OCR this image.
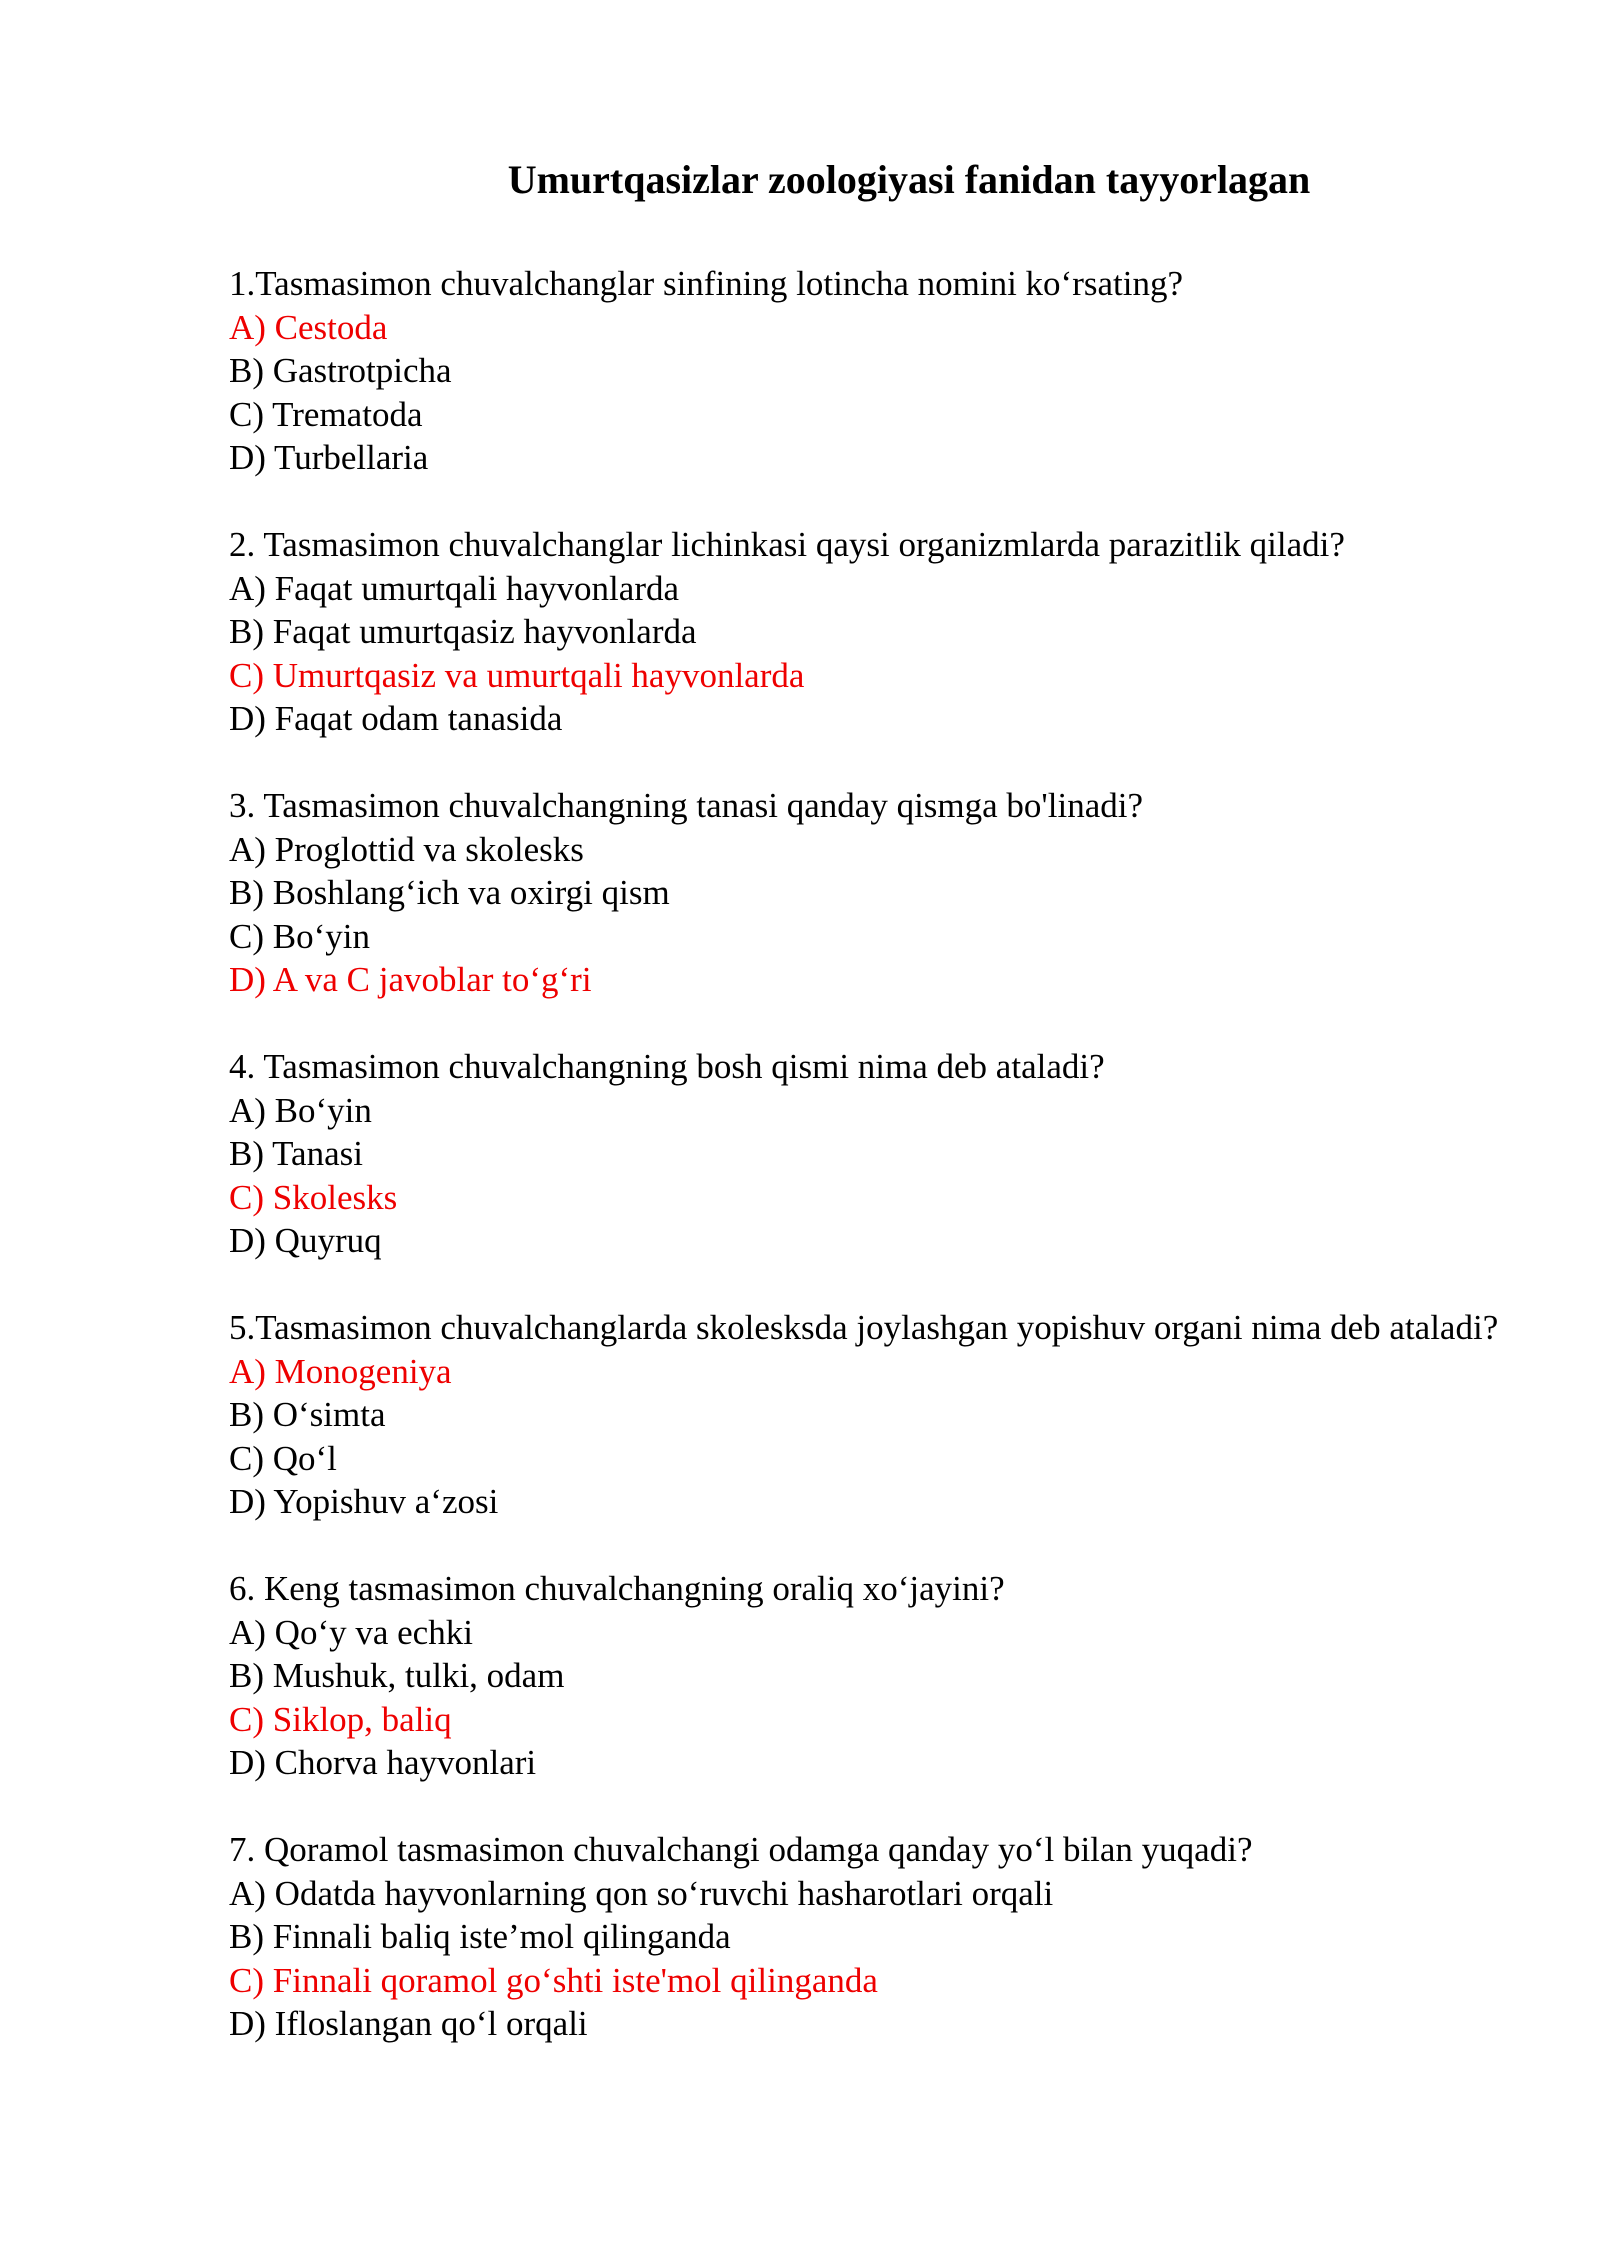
Umurtqasizlar zoologiyasi fanidan tayyorlagan

1.Tasmasimon chuvalchanglar sinfining lotincha nomini ko‘rsating?

A) Cestoda

B) Gastrotpicha

C) Trematoda

D) Turbellaria

2. Tasmasimon chuvalchanglar lichinkasi qaysi organizmlarda parazitlik qiladi?

A) Faqat umurtqali hayvonlarda

B) Faqat umurtqasiz hayvonlarda

C) Umurtqasiz va umurtqali hayvonlarda

D) Faqat odam tanasida

3. Tasmasimon chuvalchangning tanasi qanday qismga bo'linadi?

A) Proglottid va skolesks

B) Boshlang‘ich va oxirgi qism

C) Bo‘yin

D) A va C javoblar to‘g‘ri

4. Tasmasimon chuvalchangning bosh qismi nima deb ataladi?

A) Bo‘yin

B) Tanasi

C) Skolesks

D) Quyruq

5.Tasmasimon chuvalchanglarda skolesksda joylashgan yopishuv organi nima deb ataladi?

A) Monogeniya

B) O‘simta

C) Qo‘l

D) Yopishuv a‘zosi

6. Keng tasmasimon chuvalchangning oraliq xo‘jayini?

A) Qo‘y va echki

B) Mushuk, tulki, odam

C) Siklop, baliq

D) Chorva hayvonlari

7. Qoramol tasmasimon chuvalchangi odamga qanday yo‘l bilan yuqadi?

A) Odatda hayvonlarning qon so‘ruvchi hasharotlari orqali

B) Finnali baliq iste’mol qilinganda

C) Finnali qoramol go‘shti iste'mol qilinganda

D) Ifloslangan qo‘l orqali
